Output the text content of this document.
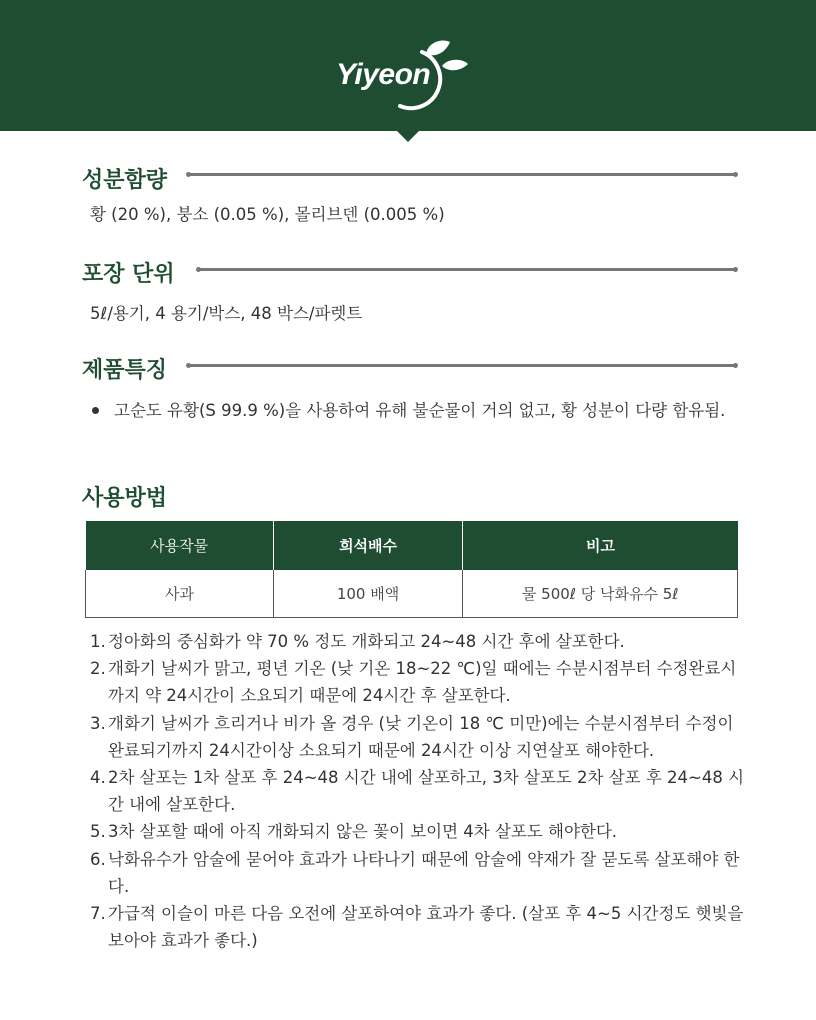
Yiyeon
성분함량
황 (20 %), 붕소 (0.05 %), 몰리브덴 (0.005 %)
포장 단위
5ℓ/용기, 4 용기/박스, 48 박스/파렛트
제품특징
고순도 유황(S 99.9 %)을 사용하여 유해 불순물이 거의 없고, 황 성분이 다량 함유됨.
사용방법
사용작물	희석배수	비고
사과	100 배액	물 500ℓ 당 낙화유수 5ℓ
1. 정아화의 중심화가 약 70 % 정도 개화되고 24~48 시간 후에 살포한다.
2. 개화기 날씨가 맑고, 평년 기온 (낮 기온 18~22 ℃)일 때에는 수분시점부터 수정완료시 까지 약 24시간이 소요되기 때문에 24시간 후 살포한다.
3. 개화기 날씨가 흐리거나 비가 올 경우 (낮 기온이 18 ℃ 미만)에는 수분시점부터 수정이 완료되기까지 24시간이상 소요되기 때문에 24시간 이상 지연살포 해야한다.
4. 2차 살포는 1차 살포 후 24~48 시간 내에 살포하고, 3차 살포도 2차 살포 후 24~48 시간 내에 살포한다.
5. 3차 살포할 때에 아직 개화되지 않은 꽃이 보이면 4차 살포도 해야한다.
6. 낙화유수가 암술에 묻어야 효과가 나타나기 때문에 암술에 약재가 잘 묻도록 살포해야 한다.
7. 가급적 이슬이 마른 다음 오전에 살포하여야 효과가 좋다. (살포 후 4~5 시간정도 햇빛을 보아야 효과가 좋다.)
